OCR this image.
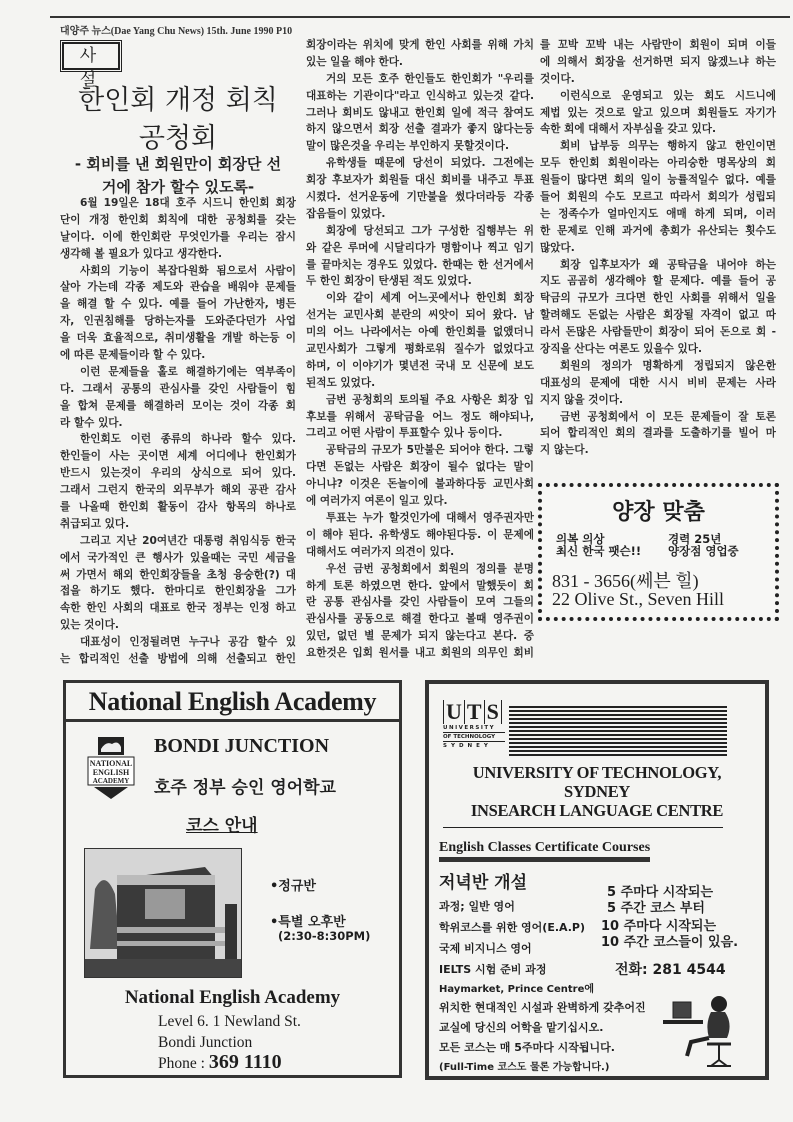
대양주 뉴스(Dae Yang Chu News) 15th. June 1990 P10
사 설
한인회 개정 회칙
공청회
- 회비를 낸 회원만이 회장단 선
거에 참가 할수 있도록-
6월 19일은 18대 호주 시드니 한인회 회장
단이 개정 한인회 회칙에 대한 공청회를 갖는
날이다. 이에 한인회란 무엇인가를 우리는 잠시
생각해 볼 필요가 있다고 생각한다.
사회의 기능이 복잡다원화 됨으로서 사람이
살아 가는데 각종 제도와 관습을 배워야 문제들
을 해결 할 수 있다. 예를 들어 가난한자, 병든
자, 인권침해를 당하는자를 도와준다던가 사업
을 더욱 효율적으로, 취미생활을 개발 하는등 이
에 따른 문제들이라 할 수 있다.
이런 문제들을 홀로 해결하기에는 역부족이
다. 그래서 공통의 관심사를 갖인 사람들이 힘
을 합쳐 문제를 해결하러 모이는 것이 각종 회
라 할수 있다.
한인회도 이런 종류의 하나라 할수 있다.
한인들이 사는 곳이면 세계 어디에나 한인회가
반드시 있는것이 우리의 상식으로 되어 있다.
그래서 그런지 한국의 외무부가 해외 공관 감사
를 나올때 한인회 활동이 감사 항목의 하나로
취급되고 있다.
그리고 지난 20여년간 대통령 취임식등 한국
에서 국가적인 큰 행사가 있을때는 국민 세금을
써 가면서 해외 한인회장들을 초청 융숭한(?) 대
접을 하기도 했다. 한마디로 한인회장을 그가
속한 한인 사회의 대표로 한국 정부는 인정 하고
있는 것이다.
대표성이 인정될려면 누구나 공감 할수 있
는 합리적인 선출 방법에 의해 선출되고 한인
회장이라는 위치에 맞게 한인 사회를 위해 가치
있는 일을 해야 한다.
거의 모든 호주 한인들도 한인회가 "우리를
대표하는 기관이다"라고 인식하고 있는것 같다.
그러나 회비도 않내고 한인회 일에 적극 참여도
하지 않으면서 회장 선출 결과가 좋지 않다는등
말이 많은것을 우리는 부인하지 못할것이다.
유학생들 때문에 당선이 되었다. 그전에는
회장 후보자가 회원들 대신 회비를 내주고 투표
시켰다. 선거운동에 기만불을 썼다더라등 각종
잡음들이 있었다.
회장에 당선되고 그가 구성한 집행부는 위
와 같은 루머에 시달리다가 명함이나 찍고 임기
를 끝마치는 경우도 있었다. 한때는 한 선거에서
두 한인 회장이 탄생된 적도 있었다.
이와 같이 세계 어느곳에서나 한인회 회장
선거는 교민사회 분란의 씨앗이 되어 왔다. 남
미의 어느 나라에서는 아예 한인회를 없앴더니
교민사회가 그렇게 평화로워 질수가 없었다고
하며, 이 이야기가 몇년전 국내 모 신문에 보도
된적도 있었다.
금번 공청회의 토의될 주요 사항은 회장 입
후보를 위해서 공탁금을 어느 정도 해야되나,
그리고 어떤 사람이 투표할수 있나 등이다.
공탁금의 규모가 5만불은 되어야 한다. 그렇
다면 돈없는 사람은 회장이 될수 없다는 말이
아니냐? 이것은 돈놀이에 불과하다등 교민사회
에 여러가지 여론이 일고 있다.
투표는 누가 할것인가에 대해서 영주권자만
이 해야 된다. 유학생도 해야된다등. 이 문제에
대해서도 여러가지 의견이 있다.
우선 금번 공청회에서 회원의 정의를 분명
하게 토론 하였으면 한다. 앞에서 말했듯이 회
란 공통 관심사를 갖인 사람들이 모여 그들의
관심사를 공동으로 해결 한다고 볼때 영주권이
있던, 없던 별 문제가 되지 않는다고 본다. 중
요한것은 입회 원서를 내고 회원의 의무인 회비
를 꼬박 꼬박 내는 사람만이 회원이 되며 이들
에 의해서 회장을 선거하면 되지 않겠느냐 하는
것이다.
이런식으로 운영되고 있는 회도 시드니에
제법 있는 것으로 알고 있으며 회원들도 자기가
속한 회에 대해서 자부심을 갖고 있다.
회비 납부등 의무는 행하지 않고 한인이면
모두 한인회 회원이라는 아리숭한 명목상의 회
원들이 많다면 회의 일이 능률적일수 없다. 예를
들어 회원의 수도 모르고 따라서 회의가 성립되
는 정족수가 얼마인지도 애매 하게 되며, 이러
한 문제로 인해 과거에 총회가 유산되는 횟수도
많았다.
회장 입후보자가 왜 공탁금을 내어야 하는
지도 곰곰히 생각해야 할 문제다. 예를 들어 공
탁금의 규모가 크다면 한인 사회를 위해서 일을
할려해도 돈없는 사람은 회장될 자격이 없고 따
라서 돈많은 사람들만이 회장이 되어 돈으로 회 -
장직을 산다는 여론도 있을수 있다.
회원의 정의가 명확하게 정립되지 않은한
대표성의 문제에 대한 시시 비비 문제는 사라
지지 않을 것이다.
금번 공청회에서 이 모든 문제들이 잘 토론
되어 합리적인 회의 결과를 도출하기를 빌어 마
지 않는다.
양장 맞춤
의복 의상
최신 한국 팻슨!!
경력 25년
양장점 영업중
831 - 3656(쎄븐 힐)
22 Olive St., Seven Hill
National English Academy
NATIONAL
ENGLISH
ACADEMY
BONDI JUNCTION
호주 정부 승인 영어학교
코스 안내
•정규반
•특별 오후반
(2:30-8:30PM)
National English Academy
Level 6. 1 Newland St.
Bondi Junction
Phone : 369 1110
U T S
UNIVERSITY
OF TECHNOLOGY
SYDNEY
UNIVERSITY OF TECHNOLOGY,
SYDNEY
INSEARCH LANGUAGE CENTRE
English Classes Certificate Courses
저녁반 개설
과정; 일반 영어
학위코스를 위한 영어(E.A.P)
국제 비지니스 영어
IELTS 시험 준비 과정
5 주마다 시작되는
5 주간 코스 부터
10 주마다 시작되는
10 주간 코스들이 있음.
전화: 281 4544
Haymarket, Prince Centre에
위치한 현대적인 시설과 완벽하게 갖추어진
교실에 당신의 어학을 맡기십시오.
모든 코스는 매 5주마다 시작됩니다.
(Full-Time 코스도 물론 가능합니다.)
